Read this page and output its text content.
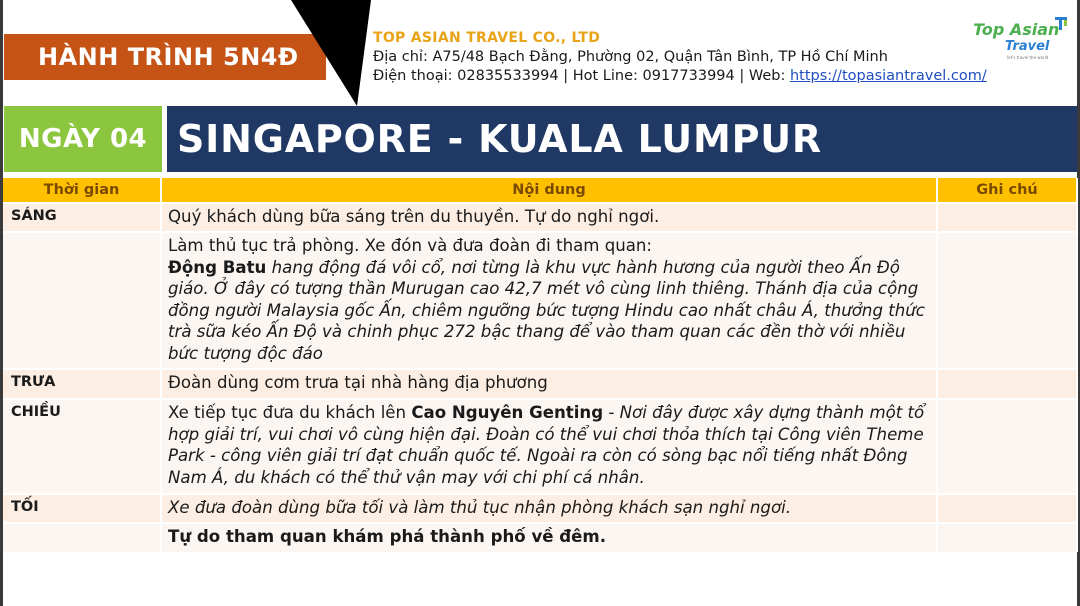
HÀNH TRÌNH 5N4Đ
TOP ASIAN TRAVEL CO., LTD
Địa chỉ: A75/48 Bạch Đằng, Phường 02, Quận Tân Bình, TP Hồ Chí Minh
Điện thoại: 02835533994 | Hot Line: 0917733994 | Web: https://topasiantravel.com/
Top Asian
Travel
let's travel the world
NGÀY 04 SINGAPORE - KUALA LUMPUR
Thời gian	Nội dung	Ghi chú
SÁNG	Quý khách dùng bữa sáng trên du thuyền. Tự do nghỉ ngơi.	
	Làm thủ tục trả phòng. Xe đón và đưa đoàn đi tham quan:
Động Batu hang động đá vôi cổ, nơi từng là khu vực hành hương của người theo Ấn Độ giáo. Ở đây có tượng thần Murugan cao 42,7 mét vô cùng linh thiêng. Thánh địa của cộng đồng người Malaysia gốc Ấn, chiêm ngưỡng bức tượng Hindu cao nhất châu Á, thưởng thức trà sữa kéo Ấn Độ và chinh phục 272 bậc thang để vào tham quan các đền thờ với nhiều bức tượng độc đáo	
TRƯA	Đoàn dùng cơm trưa tại nhà hàng địa phương	
CHIỀU	Xe tiếp tục đưa du khách lên Cao Nguyên Genting - Nơi đây được xây dựng thành một tổ hợp giải trí, vui chơi vô cùng hiện đại. Đoàn có thể vui chơi thỏa thích tại Công viên Theme Park - công viên giải trí đạt chuẩn quốc tế. Ngoài ra còn có sòng bạc nổi tiếng nhất Đông Nam Á, du khách có thể thử vận may với chi phí cá nhân.	
TỐI	Xe đưa đoàn dùng bữa tối và làm thủ tục nhận phòng khách sạn nghỉ ngơi.	
	Tự do tham quan khám phá thành phố về đêm.	
